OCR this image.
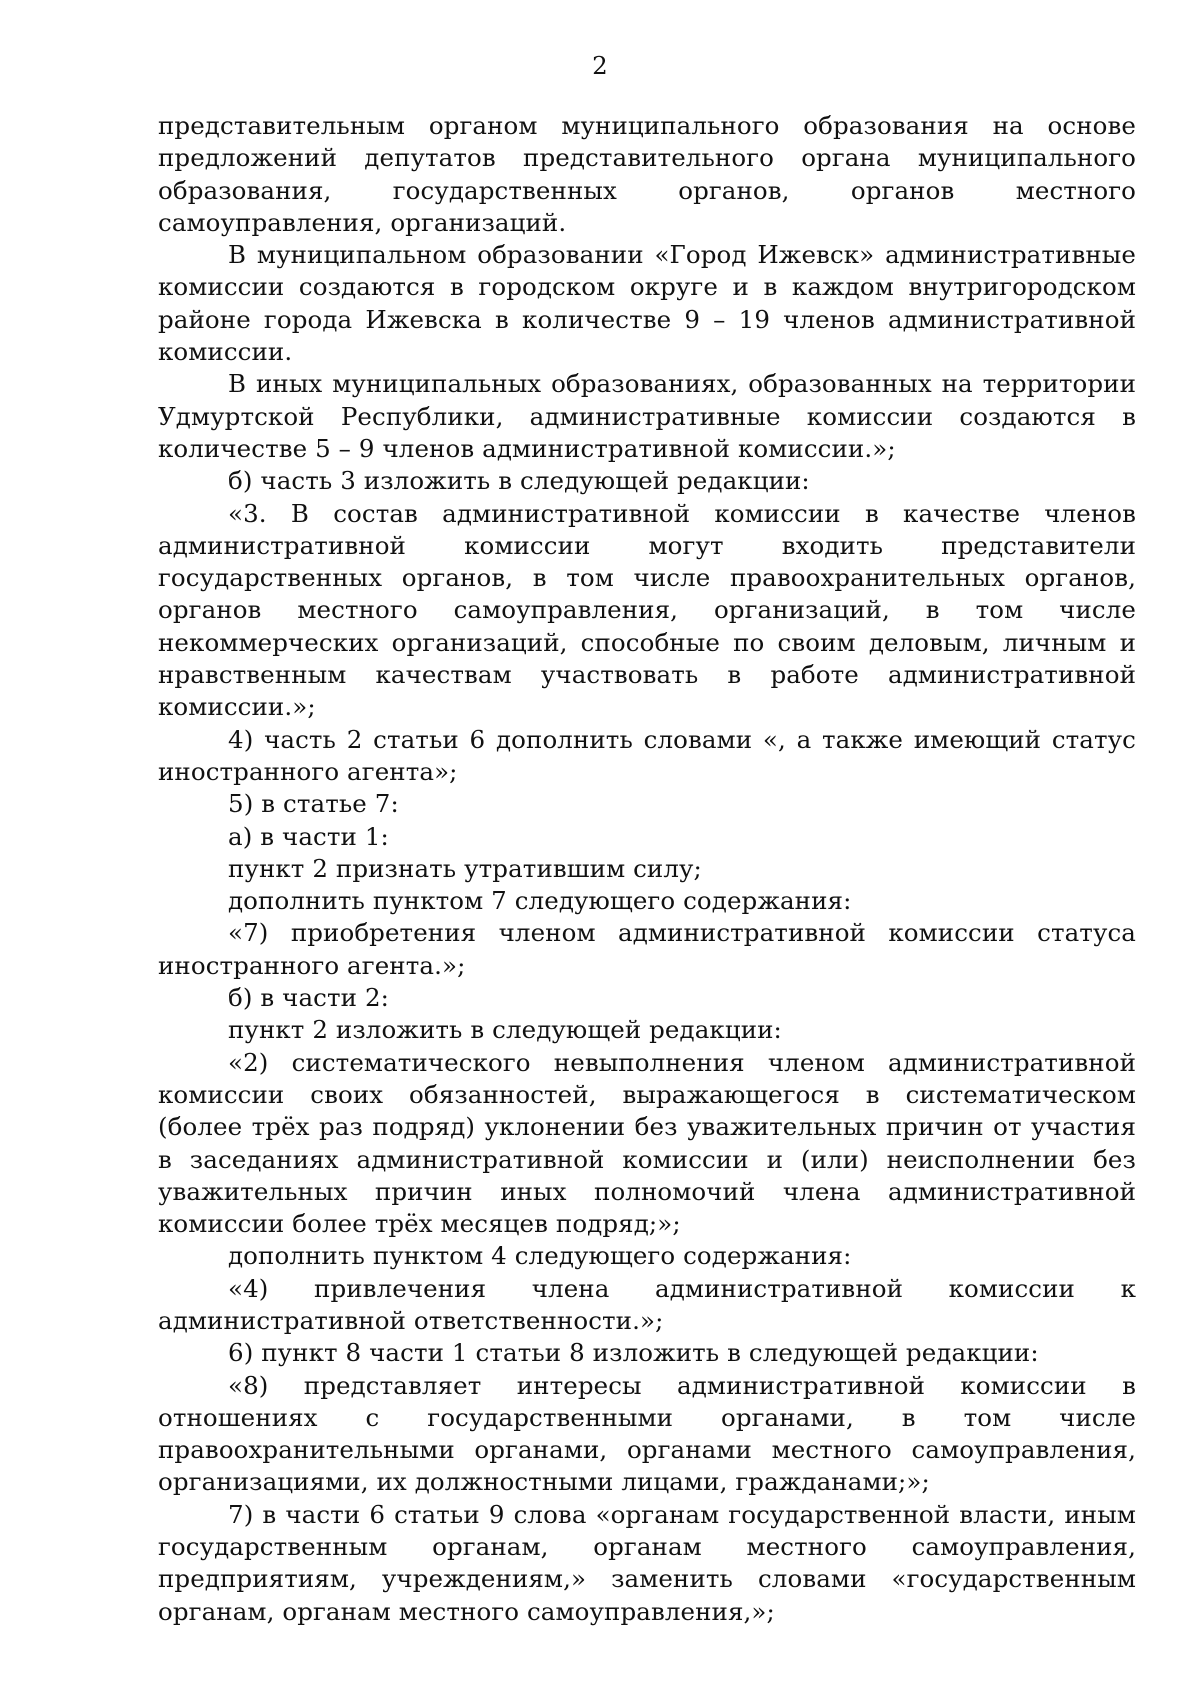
2

представительным органом муниципального образования на основе предложений депутатов представительного органа муниципального образования, государственных органов, органов местного самоуправления, организаций.

В муниципальном образовании «Город Ижевск» административные комиссии создаются в городском округе и в каждом внутригородском районе города Ижевска в количестве 9 – 19 членов административной комиссии.

В иных муниципальных образованиях, образованных на территории Удмуртской Республики, административные комиссии создаются в количестве 5 – 9 членов административной комиссии.»;

б) часть 3 изложить в следующей редакции:

«3. В состав административной комиссии в качестве членов административной комиссии могут входить представители государственных органов, в том числе правоохранительных органов, органов местного самоуправления, организаций, в том числе некоммерческих организаций, способные по своим деловым, личным и нравственным качествам участвовать в работе административной комиссии.»;

4) часть 2 статьи 6 дополнить словами «, а также имеющий статус иностранного агента»;

5) в статье 7:

а) в части 1:

пункт 2 признать утратившим силу;

дополнить пунктом 7 следующего содержания:

«7) приобретения членом административной комиссии статуса иностранного агента.»;

б) в части 2:

пункт 2 изложить в следующей редакции:

«2) систематического невыполнения членом административной комиссии своих обязанностей, выражающегося в систематическом (более трёх раз подряд) уклонении без уважительных причин от участия в заседаниях административной комиссии и (или) неисполнении без уважительных причин иных полномочий члена административной комиссии более трёх месяцев подряд;»;

дополнить пунктом 4 следующего содержания:

«4) привлечения члена административной комиссии к административной ответственности.»;

6) пункт 8 части 1 статьи 8 изложить в следующей редакции:

«8) представляет интересы административной комиссии в отношениях с государственными органами, в том числе правоохранительными органами, органами местного самоуправления, организациями, их должностными лицами, гражданами;»;

7) в части 6 статьи 9 слова «органам государственной власти, иным государственным органам, органам местного самоуправления, предприятиям, учреждениям,» заменить словами «государственным органам, органам местного самоуправления,»;
